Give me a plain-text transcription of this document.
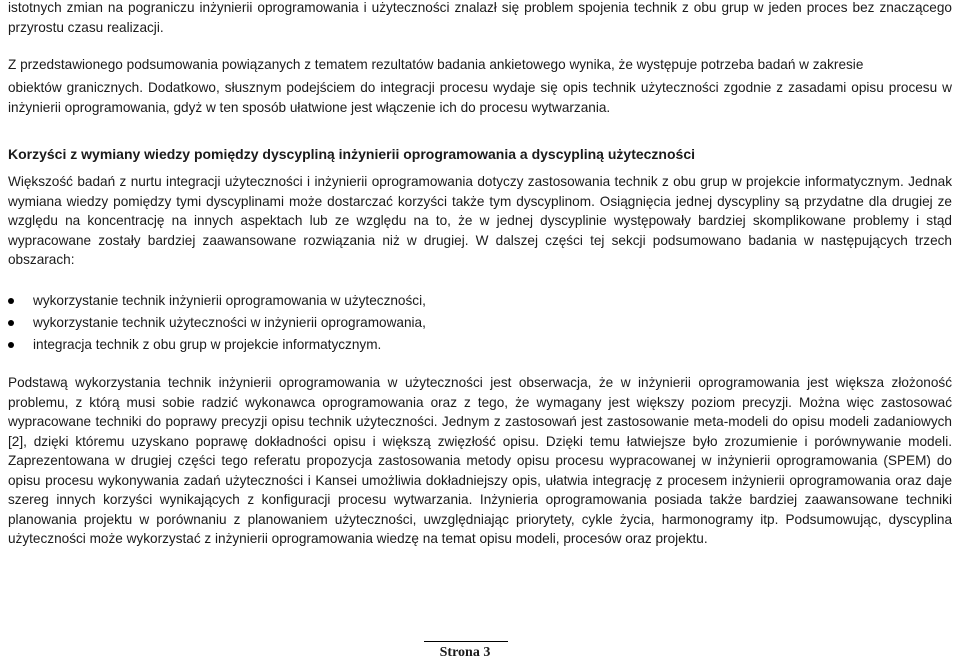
istotnych zmian na pograniczu inżynierii oprogramowania i użyteczności znalazł się problem spojenia technik z obu grup w jeden proces bez znaczącego przyrostu czasu realizacji.

Z przedstawionego podsumowania powiązanych z tematem rezultatów badania ankietowego wynika, że występuje potrzeba badań w zakresie

obiektów granicznych. Dodatkowo, słusznym podejściem do integracji procesu wydaje się opis technik użyteczności zgodnie z zasadami opisu procesu w inżynierii oprogramowania, gdyż w ten sposób ułatwione jest włączenie ich do procesu wytwarzania.

Korzyści z wymiany wiedzy pomiędzy dyscypliną inżynierii oprogramowania a dyscypliną użyteczności

Większość badań z nurtu integracji użyteczności i inżynierii oprogramowania dotyczy zastosowania technik z obu grup w projekcie informatycznym. Jednak wymiana wiedzy pomiędzy tymi dyscyplinami może dostarczać korzyści także tym dyscyplinom. Osiągnięcia jednej dyscypliny są przydatne dla drugiej ze względu na koncentrację na innych aspektach lub ze względu na to, że w jednej dyscyplinie występowały bardziej skomplikowane problemy i stąd wypracowane zostały bardziej zaawansowane rozwiązania niż w drugiej. W dalszej części tej sekcji podsumowano badania w następujących trzech obszarach:

wykorzystanie technik inżynierii oprogramowania w użyteczności,
wykorzystanie technik użyteczności w inżynierii oprogramowania,
integracja technik z obu grup w projekcie informatycznym.

Podstawą wykorzystania technik inżynierii oprogramowania w użyteczności jest obserwacja, że w inżynierii oprogramowania jest większa złożoność problemu, z którą musi sobie radzić wykonawca oprogramowania oraz z tego, że wymagany jest większy poziom precyzji. Można więc zastosować wypracowane techniki do poprawy precyzji opisu technik użyteczności. Jednym z zastosowań jest zastosowanie meta-modeli do opisu modeli zadaniowych [2], dzięki któremu uzyskano poprawę dokładności opisu i większą zwięzłość opisu. Dzięki temu łatwiejsze było zrozumienie i porównywanie modeli. Zaprezentowana w drugiej części tego referatu propozycja zastosowania metody opisu procesu wypracowanej w inżynierii oprogramowania (SPEM) do opisu procesu wykonywania zadań użyteczności i Kansei umożliwia dokładniejszy opis, ułatwia integrację z procesem inżynierii oprogramowania oraz daje szereg innych korzyści wynikających z konfiguracji procesu wytwarzania. Inżynieria oprogramowania posiada także bardziej zaawansowane techniki planowania projektu w porównaniu z planowaniem użyteczności, uwzględniając priorytety, cykle życia, harmonogramy itp. Podsumowując, dyscyplina użyteczności może wykorzystać z inżynierii oprogramowania wiedzę na temat opisu modeli, procesów oraz projektu.

Strona 3
